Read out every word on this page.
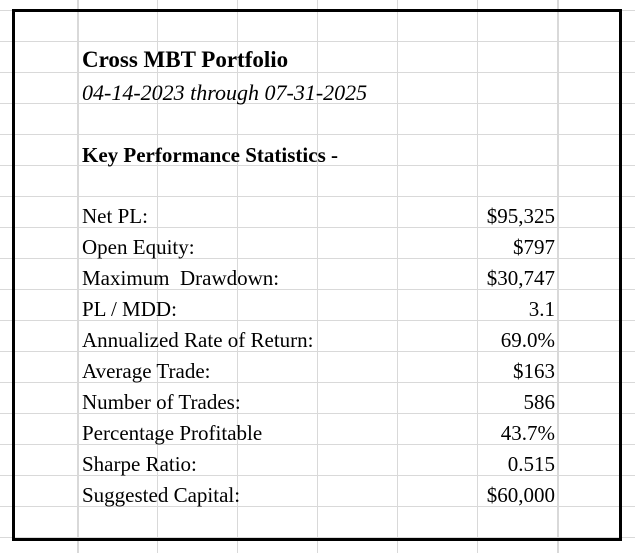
Cross MBT Portfolio
04-14-2023 through 07-31-2025
Key Performance Statistics -
Net PL:	$95,325
Open Equity:	$797
Maximum  Drawdown:	$30,747
PL / MDD:	3.1
Annualized Rate of Return:	69.0%
Average Trade:	$163
Number of Trades:	586
Percentage Profitable	43.7%
Sharpe Ratio:	0.515
Suggested Capital:	$60,000
